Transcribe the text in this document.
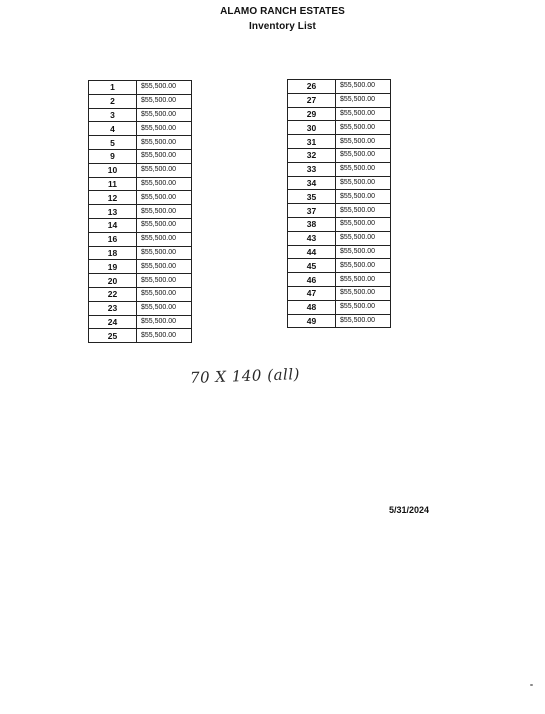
ALAMO RANCH ESTATES
Inventory List
1	$55,500.00
2	$55,500.00
3	$55,500.00
4	$55,500.00
5	$55,500.00
9	$55,500.00
10	$55,500.00
11	$55,500.00
12	$55,500.00
13	$55,500.00
14	$55,500.00
16	$55,500.00
18	$55,500.00
19	$55,500.00
20	$55,500.00
22	$55,500.00
23	$55,500.00
24	$55,500.00
25	$55,500.00
26	$55,500.00
27	$55,500.00
29	$55,500.00
30	$55,500.00
31	$55,500.00
32	$55,500.00
33	$55,500.00
34	$55,500.00
35	$55,500.00
37	$55,500.00
38	$55,500.00
43	$55,500.00
44	$55,500.00
45	$55,500.00
46	$55,500.00
47	$55,500.00
48	$55,500.00
49	$55,500.00
70 X 140 (all)
5/31/2024
